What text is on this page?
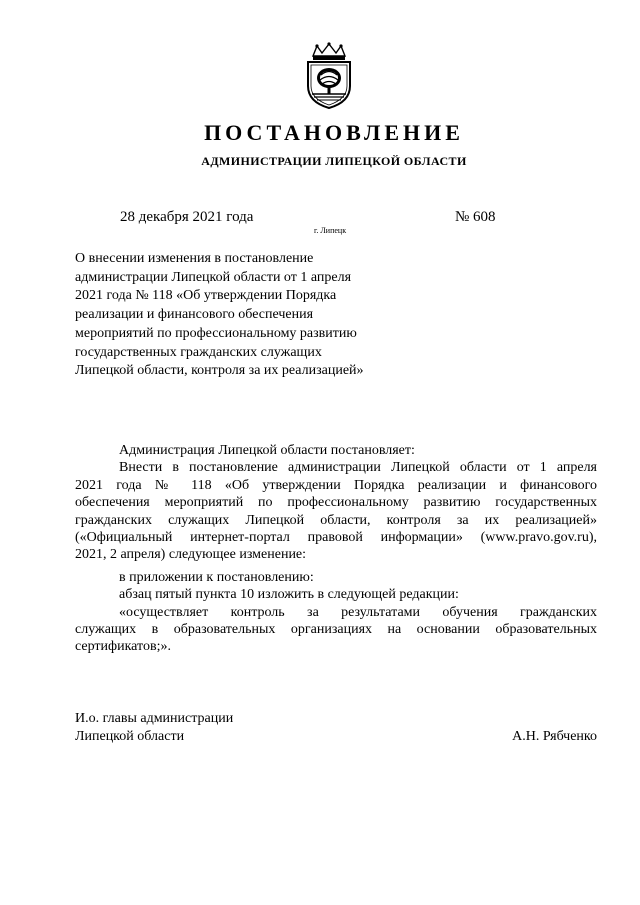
ПОСТАНОВЛЕНИЕ
АДМИНИСТРАЦИИ ЛИПЕЦКОЙ ОБЛАСТИ
28 декабря 2021 года
г. Липецк
№ 608
О внесении изменения в постановление
администрации Липецкой области от 1 апреля
2021 года № 118 «Об утверждении Порядка
реализации и финансового обеспечения
мероприятий по профессиональному развитию
государственных гражданских служащих
Липецкой области, контроля за их реализацией»
Администрация Липецкой области постановляет:
Внести в постановление администрации Липецкой области от 1 апреля
2021 года № 118 «Об утверждении Порядка реализации и финансового
обеспечения мероприятий по профессиональному развитию государственных
гражданских служащих Липецкой области, контроля за их реализацией»
(«Официальный интернет-портал правовой информации» (www.pravo.gov.ru),
2021, 2 апреля) следующее изменение:
в приложении к постановлению:
абзац пятый пункта 10 изложить в следующей редакции:
«осуществляет контроль за результатами обучения гражданских
служащих в образовательных организациях на основании образовательных
сертификатов;».
И.о. главы администрации
Липецкой области	А.Н. Рябченко
